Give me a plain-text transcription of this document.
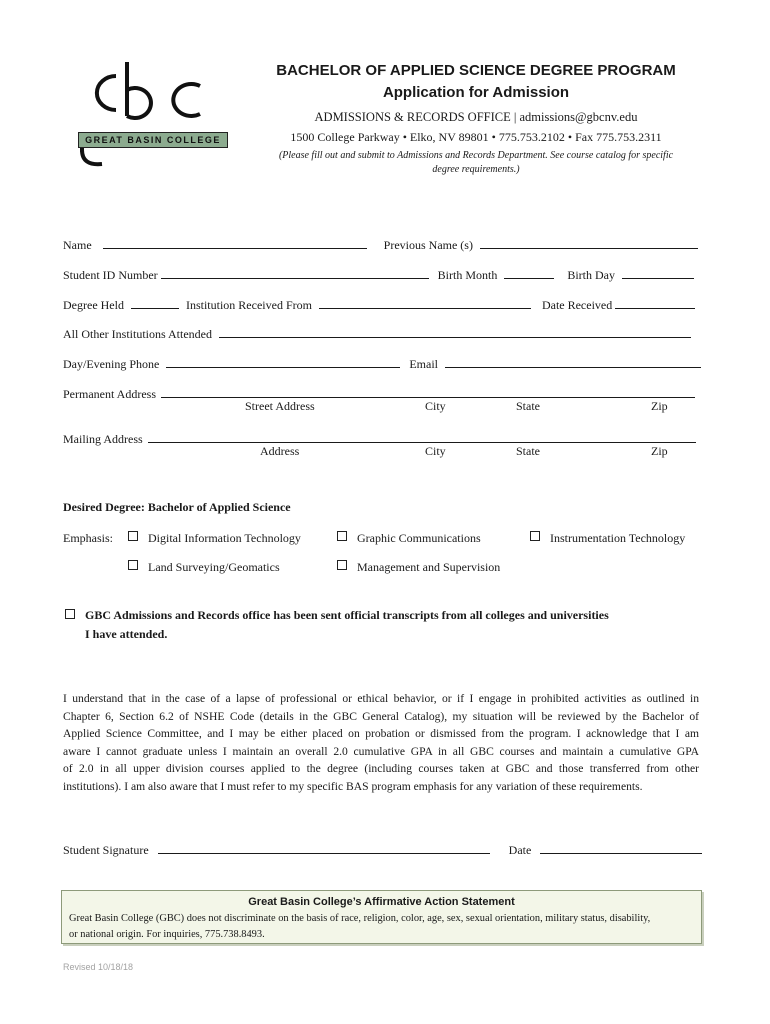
GREAT BASIN COLLEGE
BACHELOR OF APPLIED SCIENCE DEGREE PROGRAM
Application for Admission
ADMISSIONS & RECORDS OFFICE | admissions@gbcnv.edu
1500 College Parkway • Elko, NV 89801 • 775.753.2102 • Fax 775.753.2311
(Please fill out and submit to Admissions and Records Department. See course catalog for specific
degree requirements.)
Name	Previous Name (s)
Student ID Number	Birth Month	Birth Day
Degree Held	Institution Received From	Date Received
All Other Institutions Attended
Day/Evening Phone	Email
Permanent Address
Street Address	City	State	Zip
Mailing Address
Address	City	State	Zip
Desired Degree: Bachelor of Applied Science
Emphasis:	Digital Information Technology	Graphic Communications	Instrumentation Technology
Land Surveying/Geomatics	Management and Supervision
GBC Admissions and Records office has been sent official transcripts from all colleges and universities
I have attended.
I understand that in the case of a lapse of professional or ethical behavior, or if I engage in prohibited activities as outlined in
Chapter 6, Section 6.2 of NSHE Code (details in the GBC General Catalog), my situation will be reviewed by the Bachelor of
Applied Science Committee, and I may be either placed on probation or dismissed from the program. I acknowledge that I am
aware I cannot graduate unless I maintain an overall 2.0 cumulative GPA in all GBC courses and maintain a cumulative GPA
of 2.0 in all upper division courses applied to the degree (including courses taken at GBC and those transferred from other
institutions). I am also aware that I must refer to my specific BAS program emphasis for any variation of these requirements.
Student Signature	Date
Great Basin College’s Affirmative Action Statement
Great Basin College (GBC) does not discriminate on the basis of race, religion, color, age, sex, sexual orientation, military status, disability,
or national origin. For inquiries, 775.738.8493.
Revised 10/18/18
